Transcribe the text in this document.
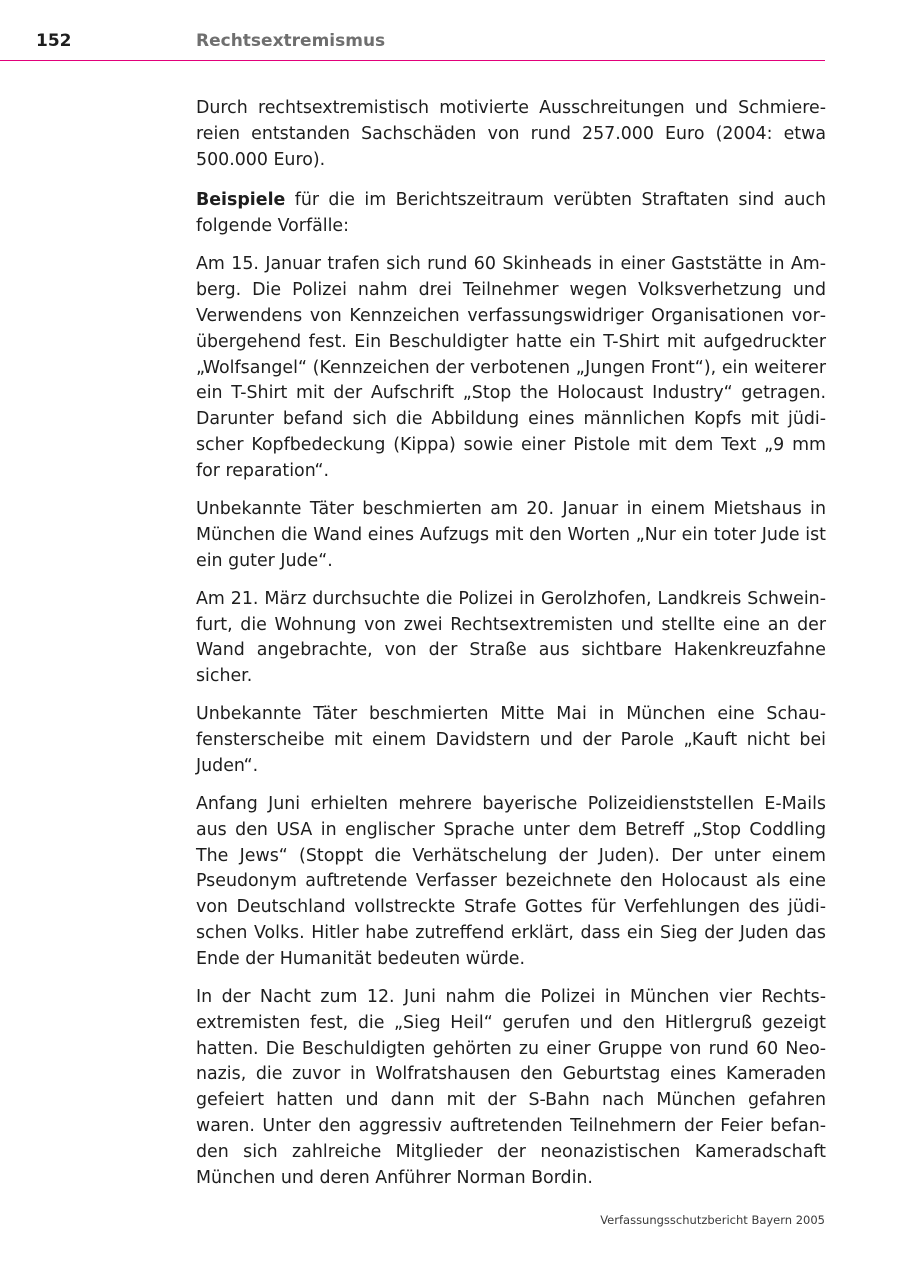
152	Rechtsextremismus

Durch rechtsextremistisch motivierte Ausschreitungen und Schmierereien entstanden Sachschäden von rund 257.000 Euro (2004: etwa 500.000 Euro).

Beispiele für die im Berichtszeitraum verübten Straftaten sind auch folgende Vorfälle:

Am 15. Januar trafen sich rund 60 Skinheads in einer Gaststätte in Amberg. Die Polizei nahm drei Teilnehmer wegen Volksverhetzung und Verwendens von Kennzeichen verfassungswidriger Organisationen vorübergehend fest. Ein Beschuldigter hatte ein T-Shirt mit aufgedruckter „Wolfsangel“ (Kennzeichen der verbotenen „Jungen Front“), ein weiterer ein T-Shirt mit der Aufschrift „Stop the Holocaust Industry“ getragen. Darunter befand sich die Abbildung eines männlichen Kopfs mit jüdischer Kopfbedeckung (Kippa) sowie einer Pistole mit dem Text „9 mm for reparation“.

Unbekannte Täter beschmierten am 20. Januar in einem Mietshaus in München die Wand eines Aufzugs mit den Worten „Nur ein toter Jude ist ein guter Jude“.

Am 21. März durchsuchte die Polizei in Gerolzhofen, Landkreis Schweinfurt, die Wohnung von zwei Rechtsextremisten und stellte eine an der Wand angebrachte, von der Straße aus sichtbare Hakenkreuzfahne sicher.

Unbekannte Täter beschmierten Mitte Mai in München eine Schaufensterscheibe mit einem Davidstern und der Parole „Kauft nicht bei Juden“.

Anfang Juni erhielten mehrere bayerische Polizeidienststellen E-Mails aus den USA in englischer Sprache unter dem Betreff „Stop Coddling The Jews“ (Stoppt die Verhätschelung der Juden). Der unter einem Pseudonym auftretende Verfasser bezeichnete den Holocaust als eine von Deutschland vollstreckte Strafe Gottes für Verfehlungen des jüdischen Volks. Hitler habe zutreffend erklärt, dass ein Sieg der Juden das Ende der Humanität bedeuten würde.

In der Nacht zum 12. Juni nahm die Polizei in München vier Rechtsextremisten fest, die „Sieg Heil“ gerufen und den Hitlergruß gezeigt hatten. Die Beschuldigten gehörten zu einer Gruppe von rund 60 Neonazis, die zuvor in Wolfratshausen den Geburtstag eines Kameraden gefeiert hatten und dann mit der S-Bahn nach München gefahren waren. Unter den aggressiv auftretenden Teilnehmern der Feier befanden sich zahlreiche Mitglieder der neonazistischen Kameradschaft München und deren Anführer Norman Bordin.

Verfassungsschutzbericht Bayern 2005
